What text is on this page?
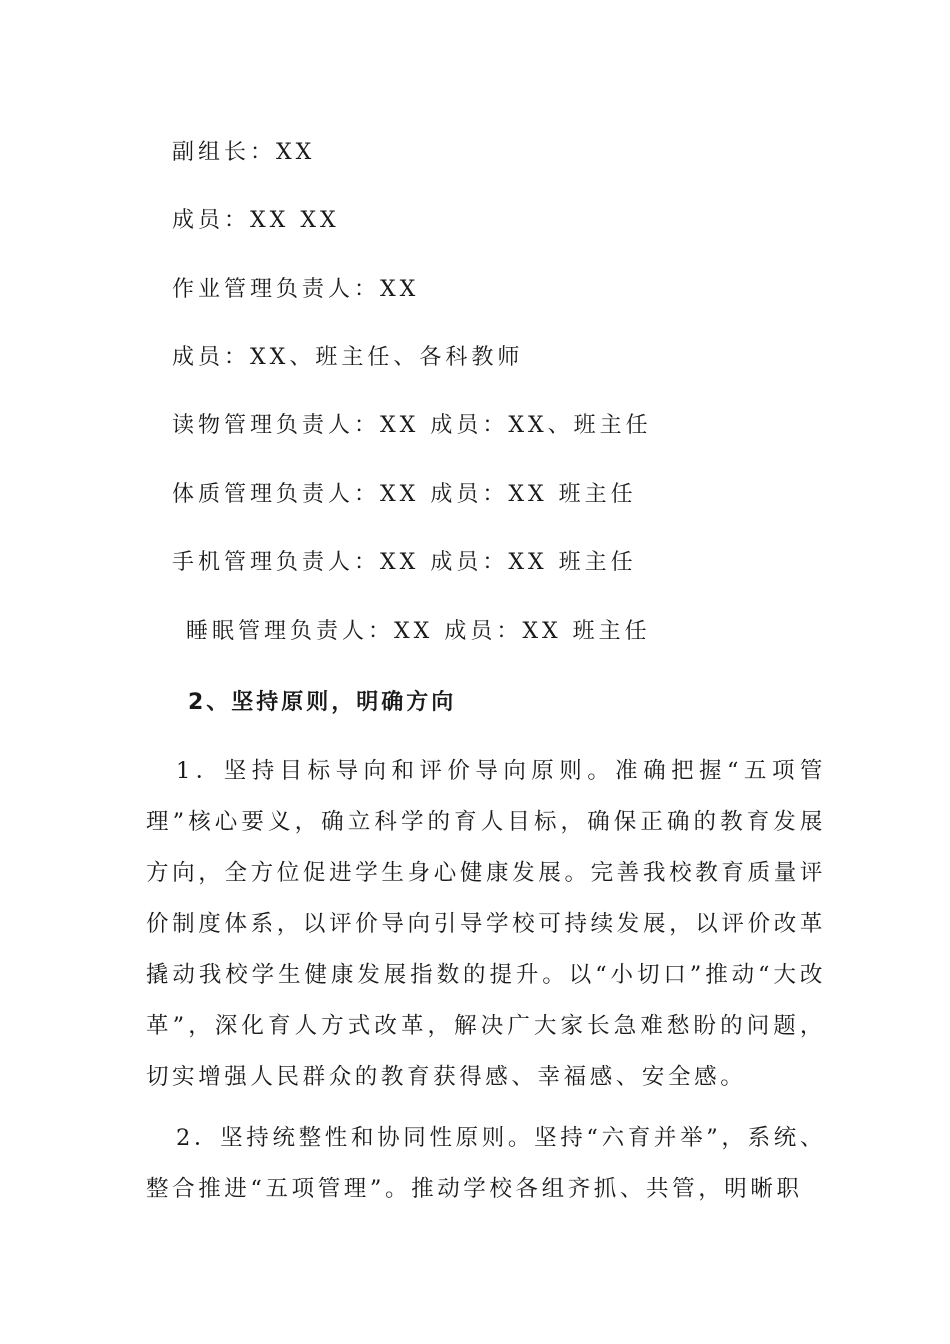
副组长：XX
成员：XX XX
作业管理负责人：XX
成员：XX、班主任、各科教师
读物管理负责人：XX 成员：XX、班主任
体质管理负责人：XX 成员：XX 班主任
手机管理负责人：XX 成员：XX 班主任
睡眠管理负责人：XX 成员：XX 班主任
2、坚持原则，明确方向
1．坚持目标导向和评价导向原则。准确把握“五项管理”核心要义，确立科学的育人目标，确保正确的教育发展方向，全方位促进学生身心健康发展。完善我校教育质量评价制度体系，以评价导向引导学校可持续发展，以评价改革撬动我校学生健康发展指数的提升。以“小切口”推动“大改革”，深化育人方式改革，解决广大家长急难愁盼的问题，切实增强人民群众的教育获得感、幸福感、安全感。
2．坚持统整性和协同性原则。坚持“六育并举”，系统、整合推进“五项管理”。推动学校各组齐抓、共管，明晰职
